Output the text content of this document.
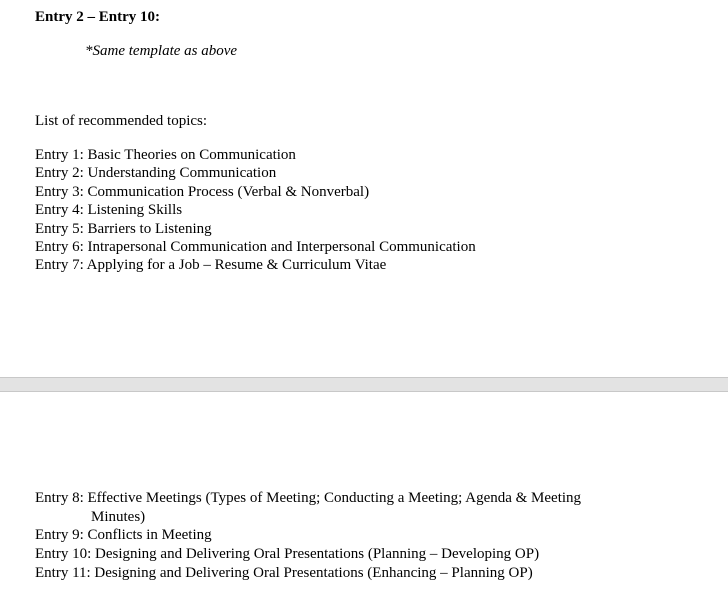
Entry 2 – Entry 10:
*Same template as above
List of recommended topics:
Entry 1: Basic Theories on Communication
Entry 2: Understanding Communication
Entry 3: Communication Process (Verbal & Nonverbal)
Entry 4: Listening Skills
Entry 5: Barriers to Listening
Entry 6: Intrapersonal Communication and Interpersonal Communication
Entry 7: Applying for a Job – Resume & Curriculum Vitae
Entry 8: Effective Meetings (Types of Meeting; Conducting a Meeting; Agenda & Meeting
Minutes)
Entry 9: Conflicts in Meeting
Entry 10: Designing and Delivering Oral Presentations (Planning – Developing OP)
Entry 11: Designing and Delivering Oral Presentations (Enhancing – Planning OP)
